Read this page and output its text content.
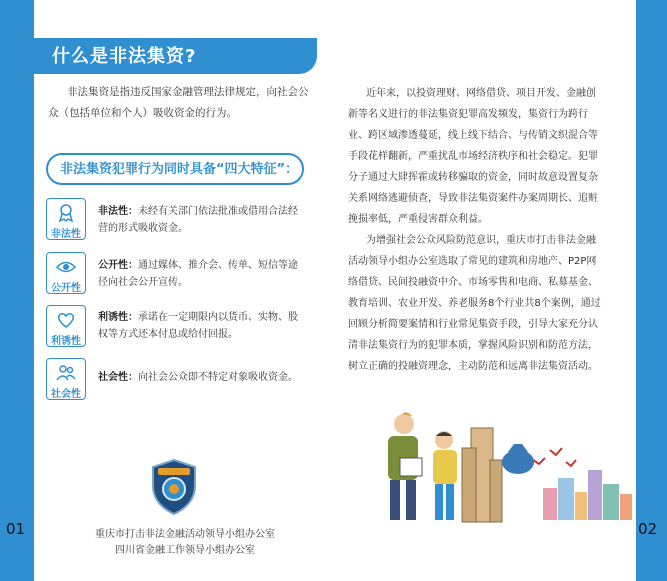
01	02
什么是非法集资?
非法集资是指违反国家金融管理法律规定，向社会公
众（包括单位和个人）吸收资金的行为。
非法集资犯罪行为同时具备“四大特征”：
非法性
非法性：未经有关部门依法批准或借用合法经
营的形式吸收资金。
公开性
公开性：通过媒体、推介会、传单、短信等途
径向社会公开宣传。
利诱性
利诱性：承诺在一定期限内以货币、实物、股
权等方式还本付息或给付回报。
社会性
社会性：向社会公众即不特定对象吸收资金。
重庆市打击非法金融活动领导小组办公室
四川省金融工作领导小组办公室
近年来，以投资理财、网络借贷、项目开发、金融创
新等名义进行的非法集资犯罪高发频发，集资行为跨行
业、跨区域渗透蔓延，线上线下结合、与传销文织混合等
手段花样翻新，严重扰乱市场经济秩序和社会稳定。犯罪
分子通过大肆挥霍或转移骗取的资金，同时故意设置复杂
关系网络逃避侦查，导致非法集资案件办案周期长、追赃
挽损率低，严重侵害群众利益。
为增强社会公众风险防范意识，重庆市打击非法金融
活动领导小组办公室选取了常见的建筑和房地产、P2P网
络借贷、民间投融资中介、市场零售和电商、私募基金、
教育培训、农业开发、养老服务8个行业共8个案例，通过
回顾分析简要案情和行业常见集资手段，引导大家充分认
清非法集资行为的犯罪本质，掌握风险识别和防范方法，
树立正确的投融资理念，主动防范和远离非法集资活动。
.com
